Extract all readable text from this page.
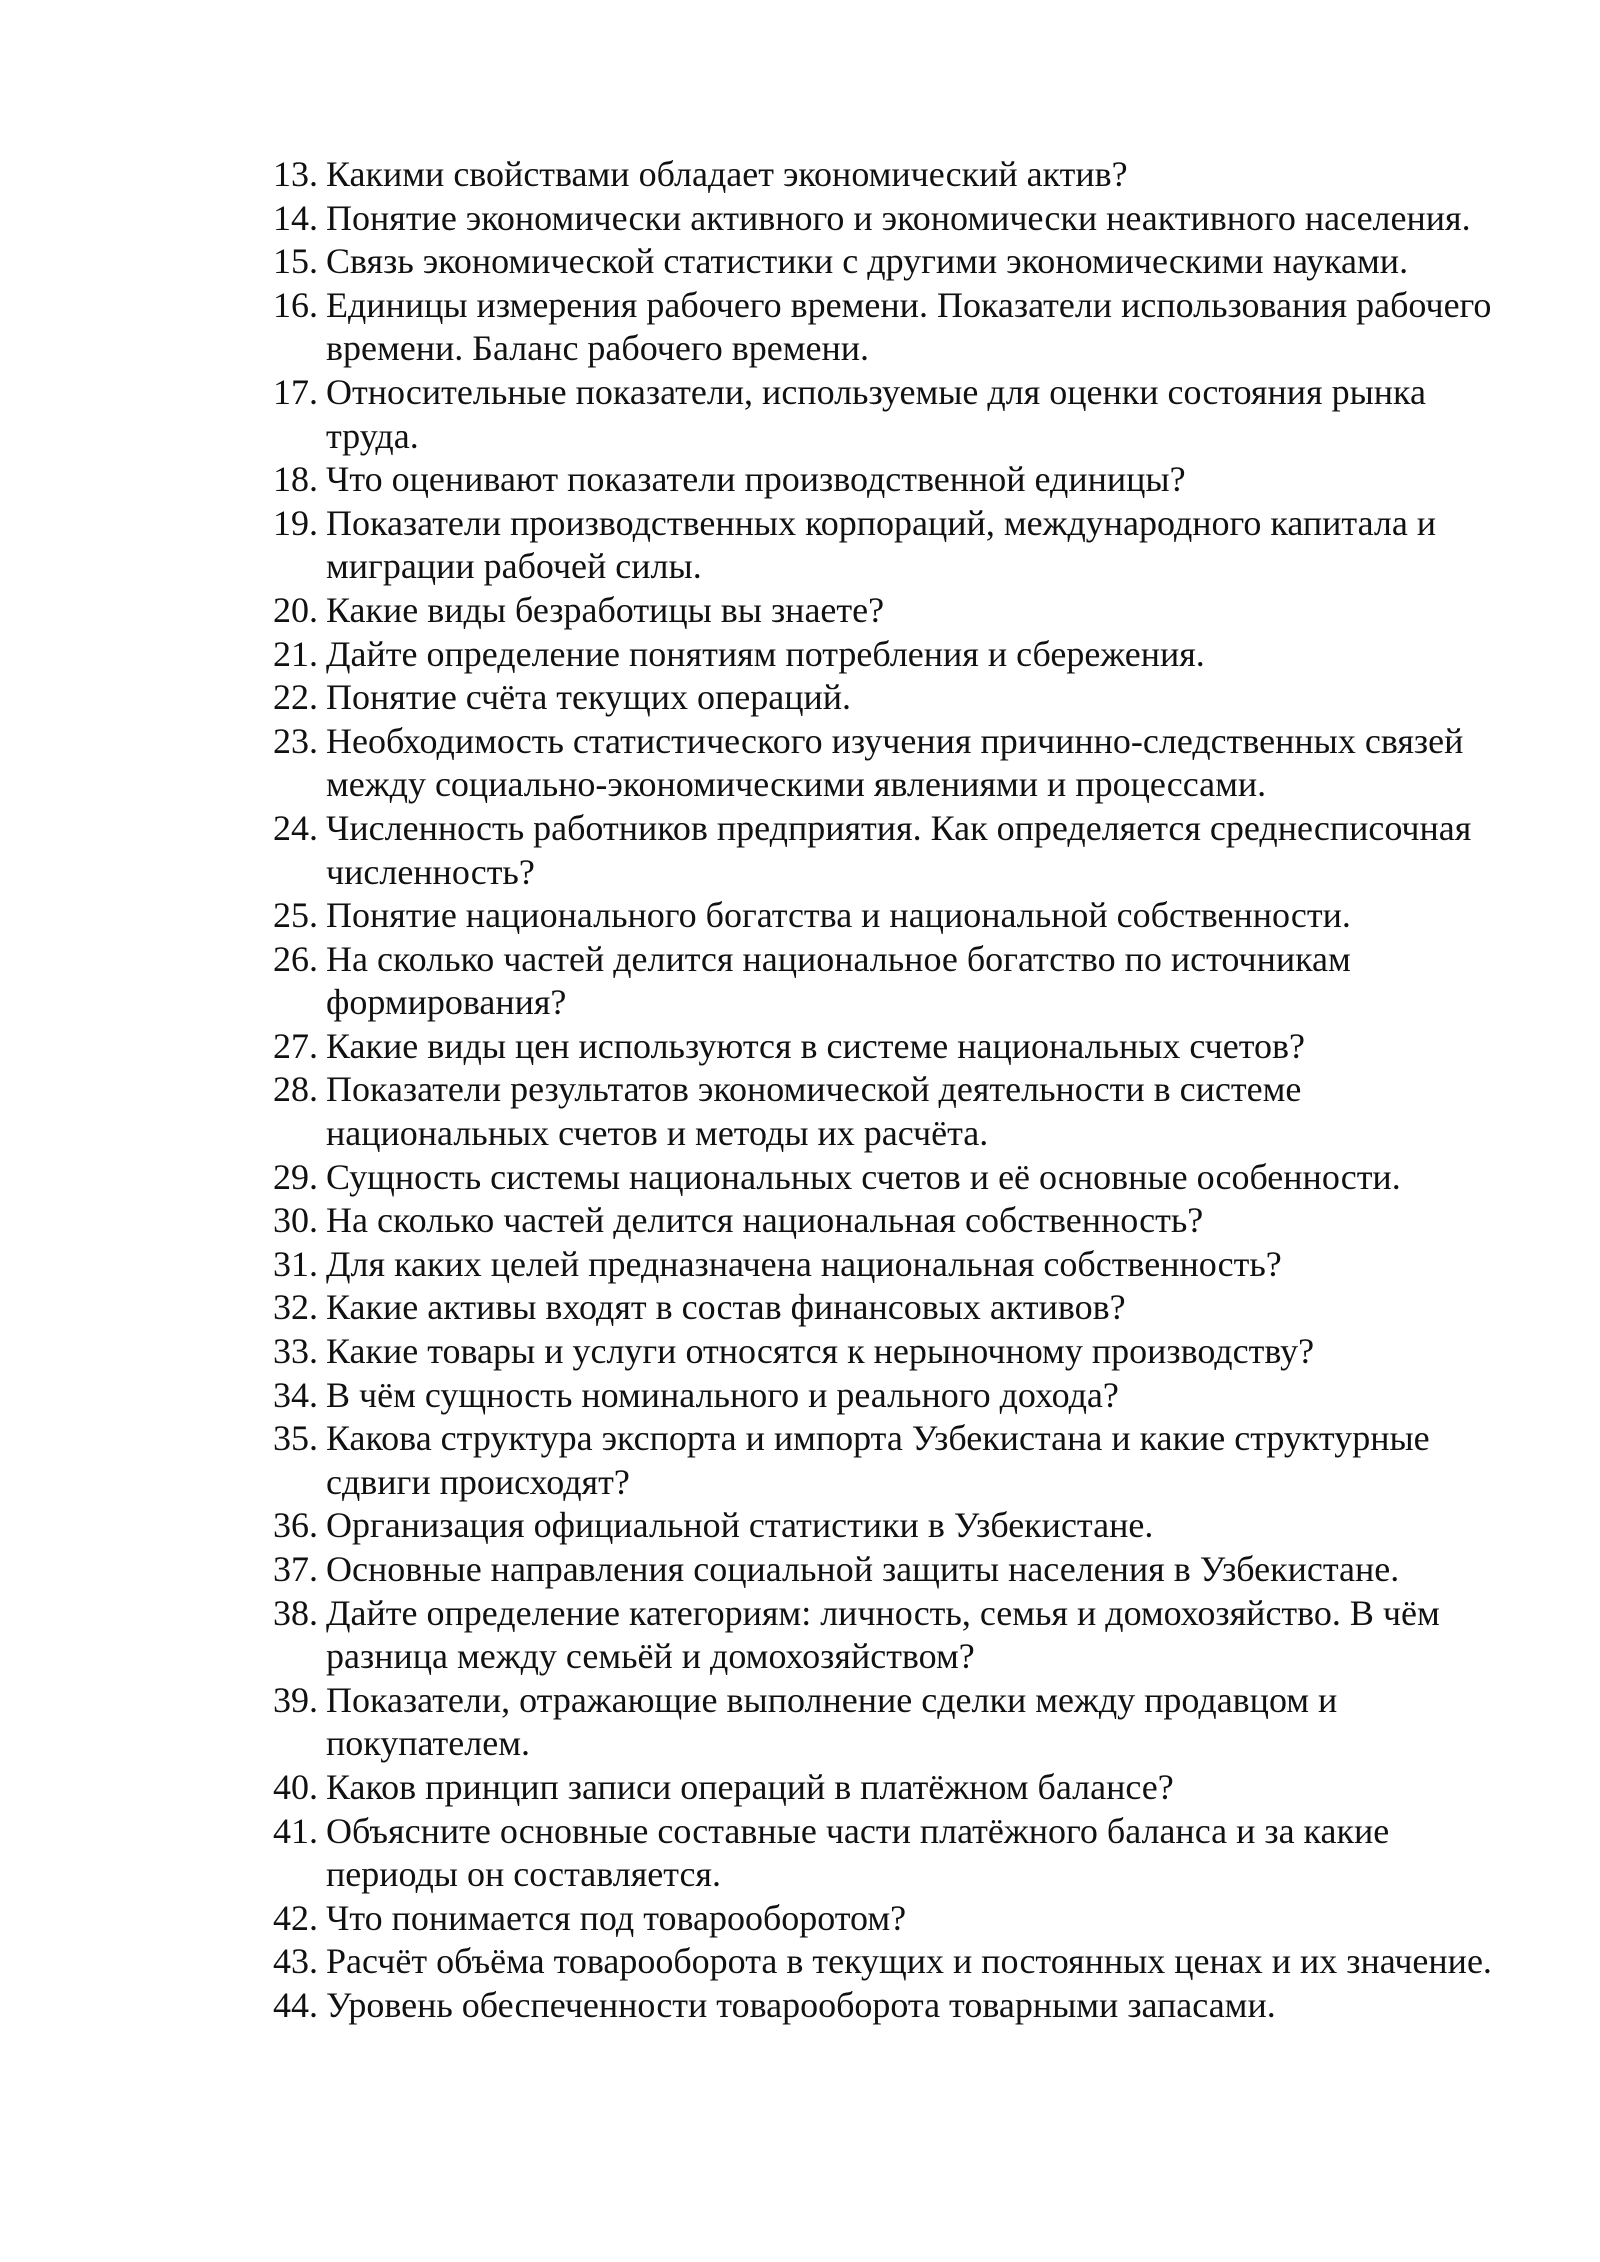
13. Какими свойствами обладает экономический актив?
14. Понятие экономически активного и экономически неактивного населения.
15. Связь экономической статистики с другими экономическими науками.
16. Единицы измерения рабочего времени. Показатели использования рабочего времени. Баланс рабочего времени.
17. Относительные показатели, используемые для оценки состояния рынка труда.
18. Что оценивают показатели производственной единицы?
19. Показатели производственных корпораций, международного капитала и миграции рабочей силы.
20. Какие виды безработицы вы знаете?
21. Дайте определение понятиям потребления и сбережения.
22. Понятие счёта текущих операций.
23. Необходимость статистического изучения причинно-следственных связей между социально-экономическими явлениями и процессами.
24. Численность работников предприятия. Как определяется среднесписочная численность?
25. Понятие национального богатства и национальной собственности.
26. На сколько частей делится национальное богатство по источникам формирования?
27. Какие виды цен используются в системе национальных счетов?
28. Показатели результатов экономической деятельности в системе национальных счетов и методы их расчёта.
29. Сущность системы национальных счетов и её основные особенности.
30. На сколько частей делится национальная собственность?
31. Для каких целей предназначена национальная собственность?
32. Какие активы входят в состав финансовых активов?
33. Какие товары и услуги относятся к нерыночному производству?
34. В чём сущность номинального и реального дохода?
35. Какова структура экспорта и импорта Узбекистана и какие структурные сдвиги происходят?
36. Организация официальной статистики в Узбекистане.
37. Основные направления социальной защиты населения в Узбекистане.
38. Дайте определение категориям: личность, семья и домохозяйство. В чём разница между семьёй и домохозяйством?
39. Показатели, отражающие выполнение сделки между продавцом и покупателем.
40. Каков принцип записи операций в платёжном балансе?
41. Объясните основные составные части платёжного баланса и за какие периоды он составляется.
42. Что понимается под товарооборотом?
43. Расчёт объёма товарооборота в текущих и постоянных ценах и их значение.
44. Уровень обеспеченности товарооборота товарными запасами.
